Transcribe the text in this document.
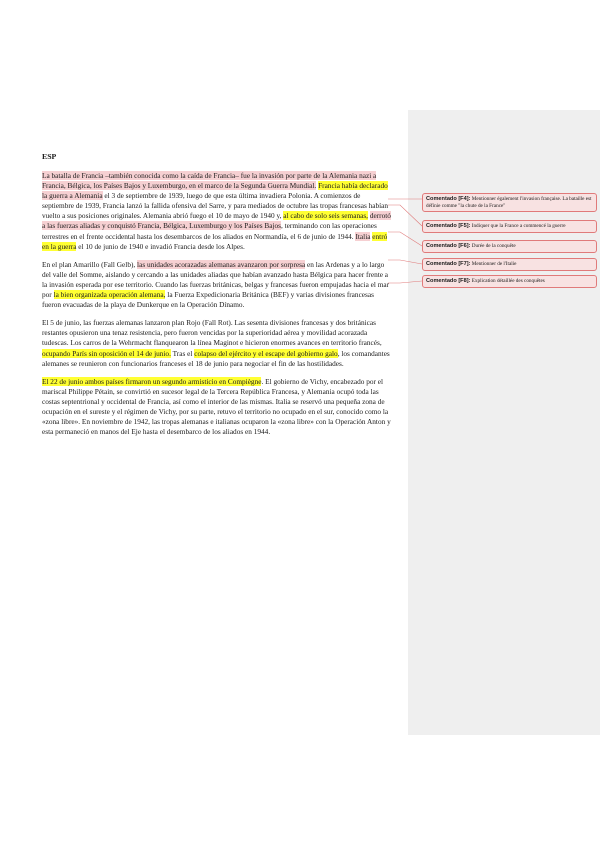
ESP

La batalla de Francia –también conocida como la caída de Francia– fue la invasión por parte de la Alemania nazi a Francia, Bélgica, los Países Bajos y Luxemburgo, en el marco de la Segunda Guerra Mundial. Francia había declarado la guerra a Alemania el 3 de septiembre de 1939, luego de que esta última invadiera Polonia. A comienzos de septiembre de 1939, Francia lanzó la fallida ofensiva del Sarre, y para mediados de octubre las tropas francesas habían vuelto a sus posiciones originales. Alemania abrió fuego el 10 de mayo de 1940 y, al cabo de solo seis semanas, derrotó a las fuerzas aliadas y conquistó Francia, Bélgica, Luxemburgo y los Países Bajos, terminando con las operaciones terrestres en el frente occidental hasta los desembarcos de los aliados en Normandía, el 6 de junio de 1944. Italia entró en la guerra el 10 de junio de 1940 e invadió Francia desde los Alpes.

En el plan Amarillo (Fall Gelb), las unidades acorazadas alemanas avanzaron por sorpresa en las Ardenas y a lo largo del valle del Somme, aislando y cercando a las unidades aliadas que habían avanzado hasta Bélgica para hacer frente a la invasión esperada por ese territorio. Cuando las fuerzas británicas, belgas y francesas fueron empujadas hacia el mar por la bien organizada operación alemana, la Fuerza Expedicionaria Británica (BEF) y varias divisiones francesas fueron evacuadas de la playa de Dunkerque en la Operación Dínamo.

El 5 de junio, las fuerzas alemanas lanzaron plan Rojo (Fall Rot). Las sesenta divisiones francesas y dos británicas restantes opusieron una tenaz resistencia, pero fueron vencidas por la superioridad aérea y movilidad acorazada tudescas. Los carros de la Wehrmacht flanquearon la línea Maginot e hicieron enormes avances en territorio francés, ocupando París sin oposición el 14 de junio. Tras el colapso del ejército y el escape del gobierno galo, los comandantes alemanes se reunieron con funcionarios franceses el 18 de junio para negociar el fin de las hostilidades.

El 22 de junio ambos países firmaron un segundo armisticio en Compiègne. El gobierno de Vichy, encabezado por el mariscal Philippe Pétain, se convirtió en sucesor legal de la Tercera República Francesa, y Alemania ocupó toda las costas septentrional y occidental de Francia, así como el interior de las mismas. Italia se reservó una pequeña zona de ocupación en el sureste y el régimen de Vichy, por su parte, retuvo el territorio no ocupado en el sur, conocido como la «zona libre». En noviembre de 1942, las tropas alemanas e italianas ocuparon la «zona libre» con la Operación Anton y esta permaneció en manos del Eje hasta el desembarco de los aliados en 1944.

Comentado [F4]: Mentionner également l'invasion française. La bataille est définie comme "la chute de la France"
Comentado [F5]: Indiquer que la France a commencé la guerre
Comentado [F6]: Durée de la conquête
Comentado [F7]: Mentionner de l'Italie
Comentado [F8]: Explication détaillée des conquêtes
